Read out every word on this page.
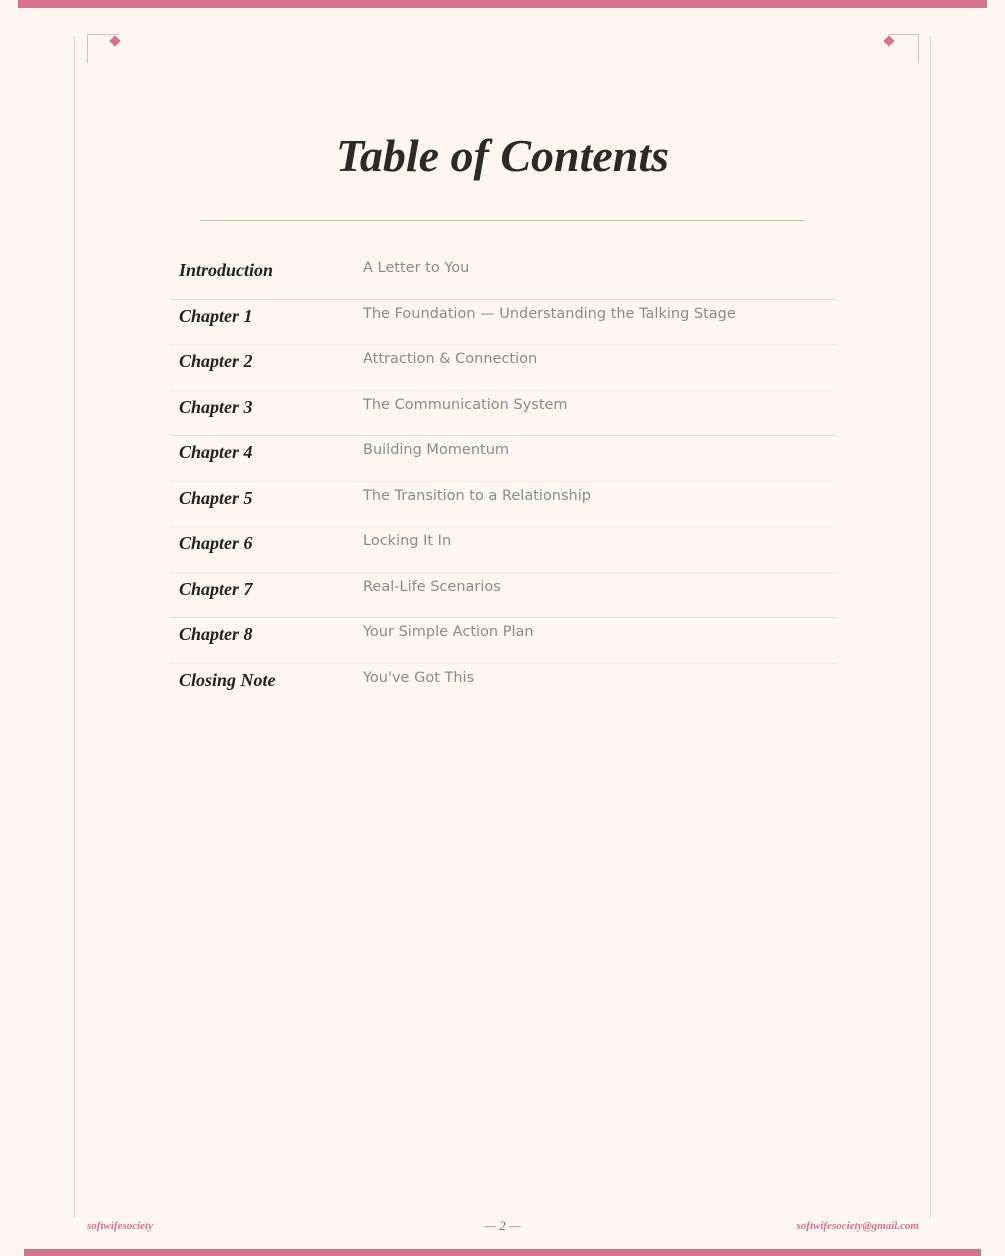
Table of Contents
Introduction	A Letter to You
Chapter 1	The Foundation — Understanding the Talking Stage
Chapter 2	Attraction & Connection
Chapter 3	The Communication System
Chapter 4	Building Momentum
Chapter 5	The Transition to a Relationship
Chapter 6	Locking It In
Chapter 7	Real-Life Scenarios
Chapter 8	Your Simple Action Plan
Closing Note	You've Got This
softwifesociety	— 2 —	softwifesociety@gmail.com
